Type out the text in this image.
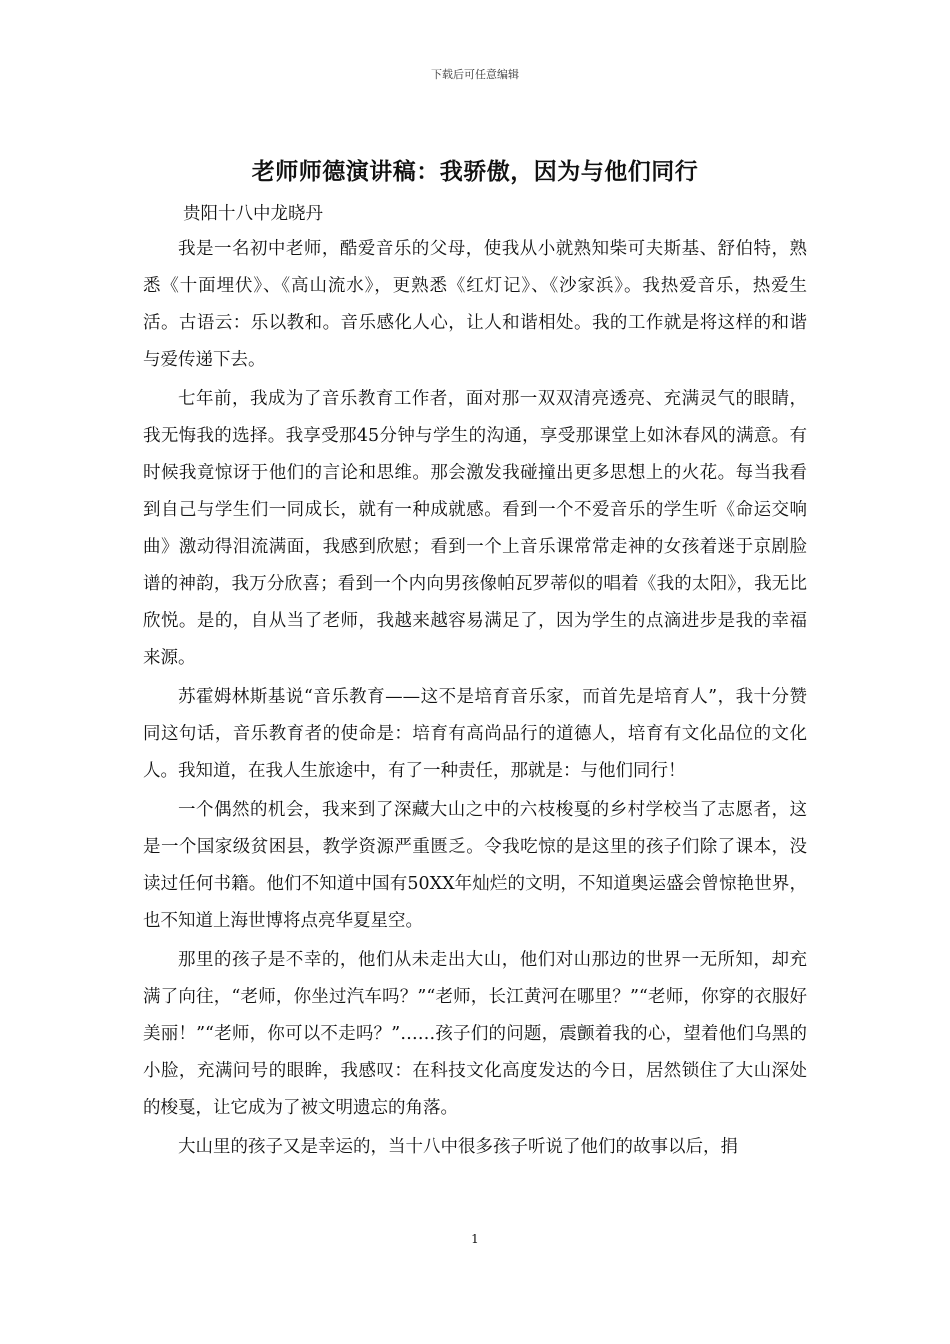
下载后可任意编辑
老师师德演讲稿：我骄傲，因为与他们同行
贵阳十八中龙晓丹

我是一名初中老师，酷爱音乐的父母，使我从小就熟知柴可夫斯基、舒伯特，熟悉《十面埋伏》、《高山流水》，更熟悉《红灯记》、《沙家浜》。我热爱音乐，热爱生活。古语云：乐以教和。音乐感化人心，让人和谐相处。我的工作就是将这样的和谐与爱传递下去。

七年前，我成为了音乐教育工作者，面对那一双双清亮透亮、充满灵气的眼睛，我无悔我的选择。我享受那45分钟与学生的沟通，享受那课堂上如沐春风的满意。有时候我竟惊讶于他们的言论和思维。那会激发我碰撞出更多思想上的火花。每当我看到自己与学生们一同成长，就有一种成就感。看到一个不爱音乐的学生听《命运交响曲》激动得泪流满面，我感到欣慰；看到一个上音乐课常常走神的女孩着迷于京剧脸谱的神韵，我万分欣喜；看到一个内向男孩像帕瓦罗蒂似的唱着《我的太阳》，我无比欣悦。是的，自从当了老师，我越来越容易满足了，因为学生的点滴进步是我的幸福来源。

苏霍姆林斯基说“音乐教育——这不是培育音乐家，而首先是培育人”，我十分赞同这句话，音乐教育者的使命是：培育有高尚品行的道德人，培育有文化品位的文化人。我知道，在我人生旅途中，有了一种责任，那就是：与他们同行！

一个偶然的机会，我来到了深藏大山之中的六枝梭戛的乡村学校当了志愿者，这是一个国家级贫困县，教学资源严重匮乏。令我吃惊的是这里的孩子们除了课本，没读过任何书籍。他们不知道中国有50XX年灿烂的文明，不知道奥运盛会曾惊艳世界，也不知道上海世博将点亮华夏星空。

那里的孩子是不幸的，他们从未走出大山，他们对山那边的世界一无所知，却充满了向往，“老师，你坐过汽车吗？”“老师，长江黄河在哪里？”“老师，你穿的衣服好美丽！”“老师，你可以不走吗？”……孩子们的问题，震颤着我的心，望着他们乌黑的小脸，充满问号的眼眸，我感叹：在科技文化高度发达的今日，居然锁住了大山深处的梭戛，让它成为了被文明遗忘的角落。

大山里的孩子又是幸运的，当十八中很多孩子听说了他们的故事以后，捐

1
